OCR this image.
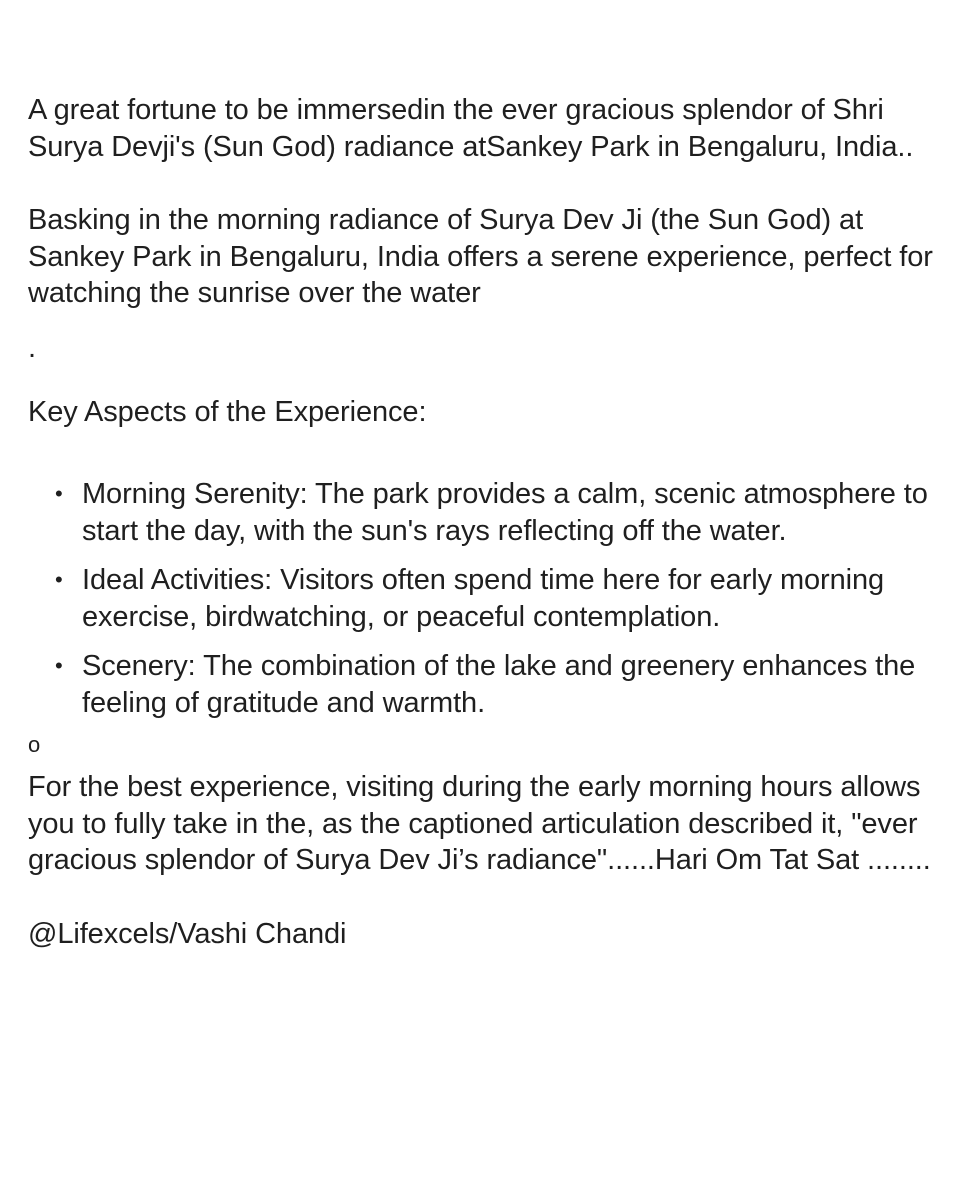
A great fortune to be immersedin the ever gracious splendor of Shri Surya Devji's (Sun God) radiance atSankey Park in Bengaluru, India..

Basking in the morning radiance of Surya Dev Ji (the Sun God) at Sankey Park in Bengaluru, India offers a serene experience, perfect for watching the sunrise over the water

.

Key Aspects of the Experience:

• Morning Serenity: The park provides a calm, scenic atmosphere to start the day, with the sun's rays reflecting off the water.
• Ideal Activities: Visitors often spend time here for early morning exercise, birdwatching, or peaceful contemplation.
• Scenery: The combination of the lake and greenery enhances the feeling of gratitude and warmth.

o

For the best experience, visiting during the early morning hours allows you to fully take in the, as the captioned articulation described it, "ever gracious splendor of Surya Dev Ji’s radiance"......Hari Om Tat Sat ........

@Lifexcels/Vashi Chandi
